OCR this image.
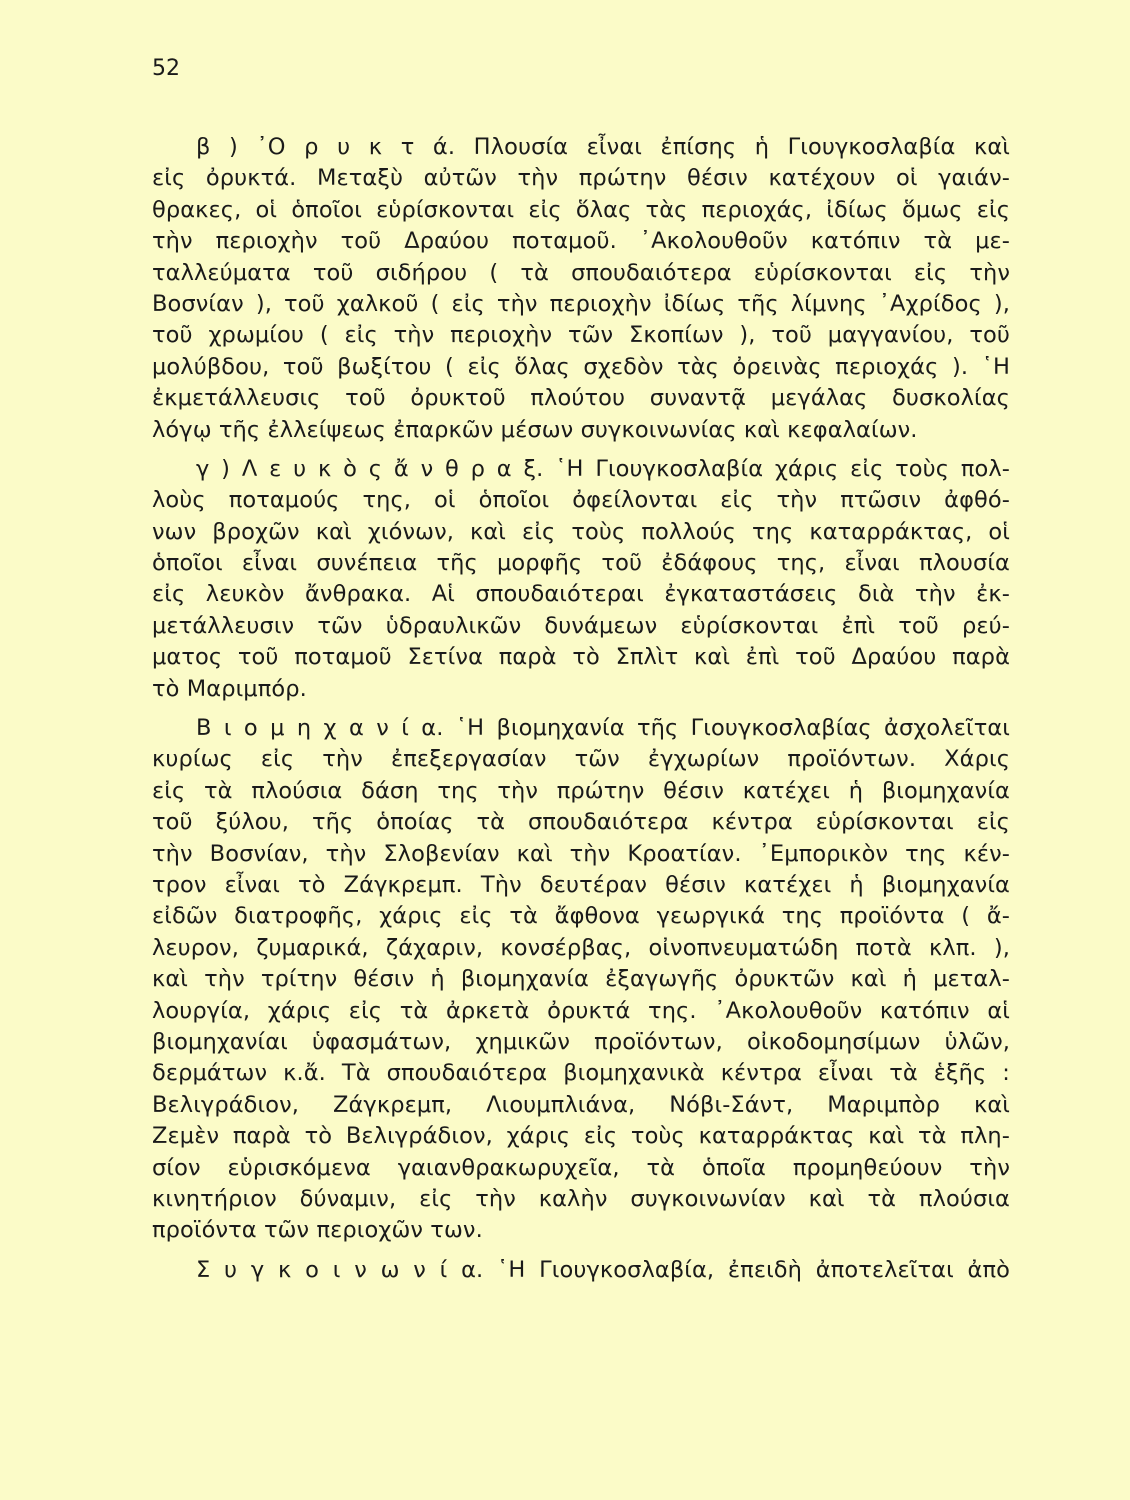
52
β ) ᾿Ο ρ υ κ τ ά. Πλουσία εἶναι ἐπίσης ἡ Γιουγκοσλαβία καὶ
εἰς ὀρυκτά. Μεταξὺ αὐτῶν τὴν πρώτην θέσιν κατέχουν οἱ γαιάν-
θρακες, οἱ ὁποῖοι εὑρίσκονται εἰς ὅλας τὰς περιοχάς, ἰδίως ὅμως εἰς
τὴν περιοχὴν τοῦ Δραύου ποταμοῦ. ᾿Ακολουθοῦν κατόπιν τὰ με-
ταλλεύματα τοῦ σιδήρου ( τὰ σπουδαιότερα εὑρίσκονται εἰς τὴν
Βοσνίαν ), τοῦ χαλκοῦ ( εἰς τὴν περιοχὴν ἰδίως τῆς λίμνης ᾿Αχρίδος ),
τοῦ χρωμίου ( εἰς τὴν περιοχὴν τῶν Σκοπίων ), τοῦ μαγγανίου, τοῦ
μολύβδου, τοῦ βωξίτου ( εἰς ὅλας σχεδὸν τὰς ὀρεινὰς περιοχάς ). ῾Η
ἐκμετάλλευσις τοῦ ὀρυκτοῦ πλούτου συναντᾷ μεγάλας δυσκολίας
λόγῳ τῆς ἐλλείψεως ἐπαρκῶν μέσων συγκοινωνίας καὶ κεφαλαίων.
γ ) Λ ε υ κ ὸ ς ἄ ν θ ρ α ξ. ῾Η Γιουγκοσλαβία χάρις εἰς τοὺς πολ-
λοὺς ποταμούς της, οἱ ὁποῖοι ὀφείλονται εἰς τὴν πτῶσιν ἀφθό-
νων βροχῶν καὶ χιόνων, καὶ εἰς τοὺς πολλούς της καταρράκτας, οἱ
ὁποῖοι εἶναι συνέπεια τῆς μορφῆς τοῦ ἐδάφους της, εἶναι πλουσία
εἰς λευκὸν ἄνθρακα. Αἱ σπουδαιότεραι ἐγκαταστάσεις διὰ τὴν ἐκ-
μετάλλευσιν τῶν ὑδραυλικῶν δυνάμεων εὑρίσκονται ἐπὶ τοῦ ρεύ-
ματος τοῦ ποταμοῦ Σετίνα παρὰ τὸ Σπλὶτ καὶ ἐπὶ τοῦ Δραύου παρὰ
τὸ Μαριμπόρ.
Β ι ο μ η χ α ν ί α. ῾Η βιομηχανία τῆς Γιουγκοσλαβίας ἀσχολεῖται
κυρίως εἰς τὴν ἐπεξεργασίαν τῶν ἐγχωρίων προϊόντων. Χάρις
εἰς τὰ πλούσια δάση της τὴν πρώτην θέσιν κατέχει ἡ βιομηχανία
τοῦ ξύλου, τῆς ὁποίας τὰ σπουδαιότερα κέντρα εὑρίσκονται εἰς
τὴν Βοσνίαν, τὴν Σλοβενίαν καὶ τὴν Κροατίαν. ᾿Εμπορικὸν της κέν-
τρον εἶναι τὸ Ζάγκρεμπ. Τὴν δευτέραν θέσιν κατέχει ἡ βιομηχανία
εἰδῶν διατροφῆς, χάρις εἰς τὰ ἄφθονα γεωργικά της προϊόντα ( ἄ-
λευρον, ζυμαρικά, ζάχαριν, κονσέρβας, οἰνοπνευματώδη ποτὰ κλπ. ),
καὶ τὴν τρίτην θέσιν ἡ βιομηχανία ἐξαγωγῆς ὀρυκτῶν καὶ ἡ μεταλ-
λουργία, χάρις εἰς τὰ ἀρκετὰ ὀρυκτά της. ᾿Ακολουθοῦν κατόπιν αἱ
βιομηχανίαι ὑφασμάτων, χημικῶν προϊόντων, οἰκοδομησίμων ὑλῶν,
δερμάτων κ.ἄ. Τὰ σπουδαιότερα βιομηχανικὰ κέντρα εἶναι τὰ ἑξῆς :
Βελιγράδιον, Ζάγκρεμπ, Λιουμπλιάνα, Νόβι-Σάντ, Μαριμπὸρ καὶ
Ζεμὲν παρὰ τὸ Βελιγράδιον, χάρις εἰς τοὺς καταρράκτας καὶ τὰ πλη-
σίον εὑρισκόμενα γαιανθρακωρυχεῖα, τὰ ὁποῖα προμηθεύουν τὴν
κινητήριον δύναμιν, εἰς τὴν καλὴν συγκοινωνίαν καὶ τὰ πλούσια
προϊόντα τῶν περιοχῶν των.
Σ υ γ κ ο ι ν ω ν ί α. ῾Η Γιουγκοσλαβία, ἐπειδὴ ἀποτελεῖται ἀπὸ
